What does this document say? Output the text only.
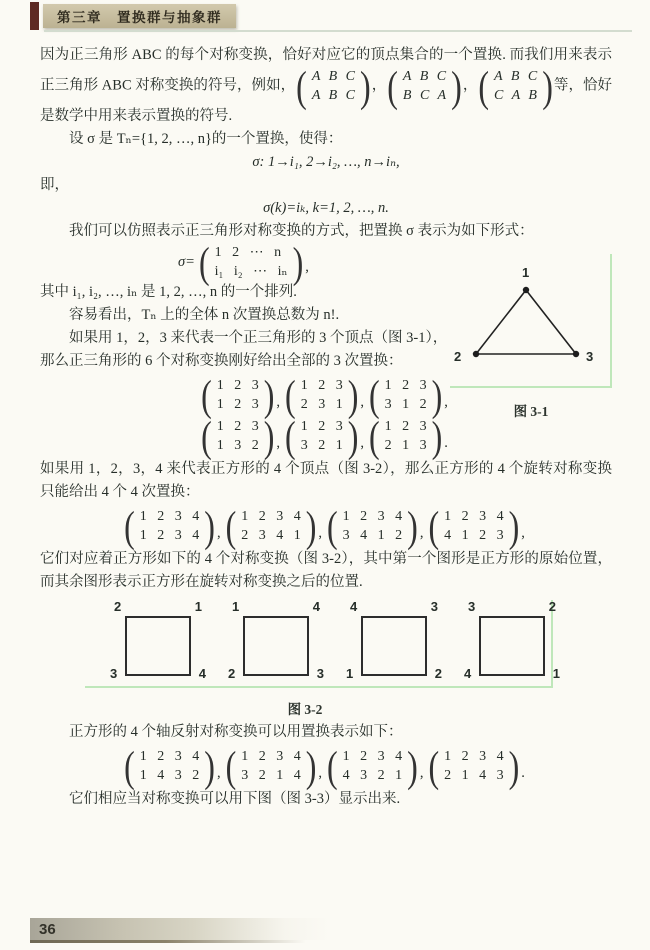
第三章　置换群与抽象群

因为正三角形 ABC 的每个对称变换，恰好对应它的顶点集合的一个置换. 而我们用来表示正三角形 ABC 对称变换的符号，例如， ( A B C
A B C ) ， ( A B C
B C A ) ， ( A B C
C A B ) 等，恰好是数学中用来表示置换的符号.

设 σ 是 Tₙ={1, 2, …, n}的一个置换，使得：

σ: 1→i₁, 2→i₂, …, n→iₙ,

即，

σ(k)=iₖ, k=1, 2, …, n.

我们可以仿照表示正三角形对称变换的方式，把置换 σ 表示为如下形式：

σ= ( 1 2 ⋯ n
i₁ i₂ ⋯ iₙ ) ,

其中 i₁, i₂, …, iₙ 是 1, 2, …, n 的一个排列.

容易看出，Tₙ 上的全体 n 次置换总数为 n!.

如果用 1，2，3 来代表一个正三角形的 3 个顶点（图 3-1），

那么正三角形的 6 个对称变换刚好给出全部的 3 次置换：

( 1 2 3
1 2 3 ) , ( 1 2 3
2 3 1 ) , ( 1 2 3
3 1 2 ) ,
( 1 2 3
1 3 2 ) , ( 1 2 3
3 2 1 ) , ( 1 2 3
2 1 3 ) .

如果用 1，2，3，4 来代表正方形的 4 个顶点（图 3-2），那么正方形的 4 个旋转对称变换只能给出 4 个 4 次置换：

( 1 2 3 4
1 2 3 4 ) , ( 1 2 3 4
2 3 4 1 ) , ( 1 2 3 4
3 4 1 2 ) , ( 1 2 3 4
4 1 2 3 ) ,

它们对应着正方形如下的 4 个对称变换（图 3-2），其中第一个图形是正方形的原始位置，而其余图形表示正方形在旋转对称变换之后的位置.

2	1
3	4
1	4
2	3
4	3
1	2
3	2
4	1
图 3-2

正方形的 4 个轴反射对称变换可以用置换表示如下：

( 1 2 3 4
1 4 3 2 ) , ( 1 2 3 4
3 2 1 4 ) , ( 1 2 3 4
4 3 2 1 ) , ( 1 2 3 4
2 1 4 3 ) .

它们相应当对称变换可以用下图（图 3-3）显示出来.

1
2	3
图 3-1
36
